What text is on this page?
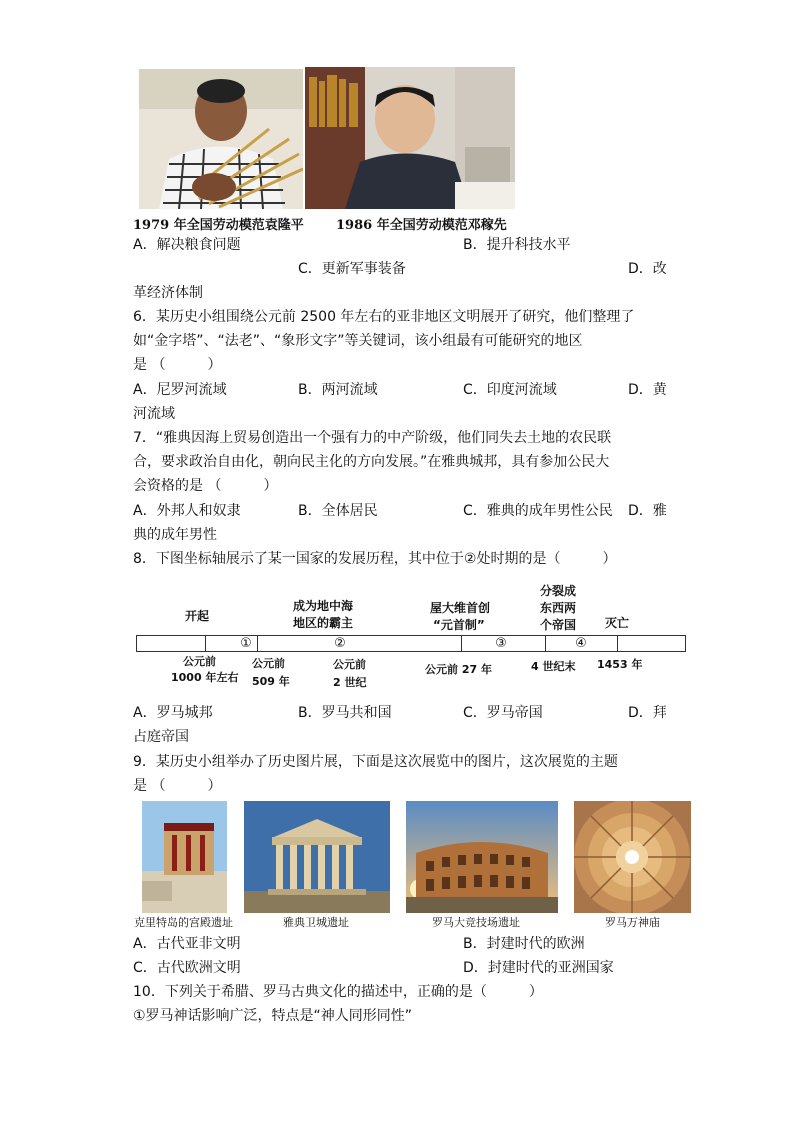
1979 年全国劳动模范袁隆平 1986 年全国劳动模范邓稼先
A．解决粮食问题	B．提升科技水平
C．更新军事装备	D．改
革经济体制
6．某历史小组围绕公元前 2500 年左右的亚非地区文明展开了研究，他们整理了
如“金字塔”、“法老”、“象形文字”等关键词，该小组最有可能研究的地区
是 （　　　）
A．尼罗河流域	B．两河流域	C．印度河流域	D．黄
河流域
7．“雅典因海上贸易创造出一个强有力的中产阶级，他们同失去土地的农民联
合，要求政治自由化，朝向民主化的方向发展。”在雅典城邦，具有参加公民大
会资格的是 （　　　）
A．外邦人和奴隶	B．全体居民	C．雅典的成年男性公民 D．雅
典的成年男性
8．下图坐标轴展示了某一国家的发展历程，其中位于②处时期的是（　　　）
开起
成为地中海
地区的霸主
屋大维首创
“元首制”
分裂成
东西两
个帝国 灭亡
①	②	③	④
公元前
1000 年左右
公元前
509 年
公元前
2 世纪
公元前 27 年	4 世纪末 1453 年
A．罗马城邦	B．罗马共和国	C．罗马帝国	D．拜
占庭帝国
9．某历史小组举办了历史图片展，下面是这次展览中的图片，这次展览的主题
是 （　　　）
克里特岛的宫殿遗址	雅典卫城遗址	罗马大竞技场遗址	罗马万神庙
A．古代亚非文明	B．封建时代的欧洲
C．古代欧洲文明	D．封建时代的亚洲国家
10．下列关于希腊、罗马古典文化的描述中，正确的是（　　　）
①罗马神话影响广泛，特点是“神人同形同性”
